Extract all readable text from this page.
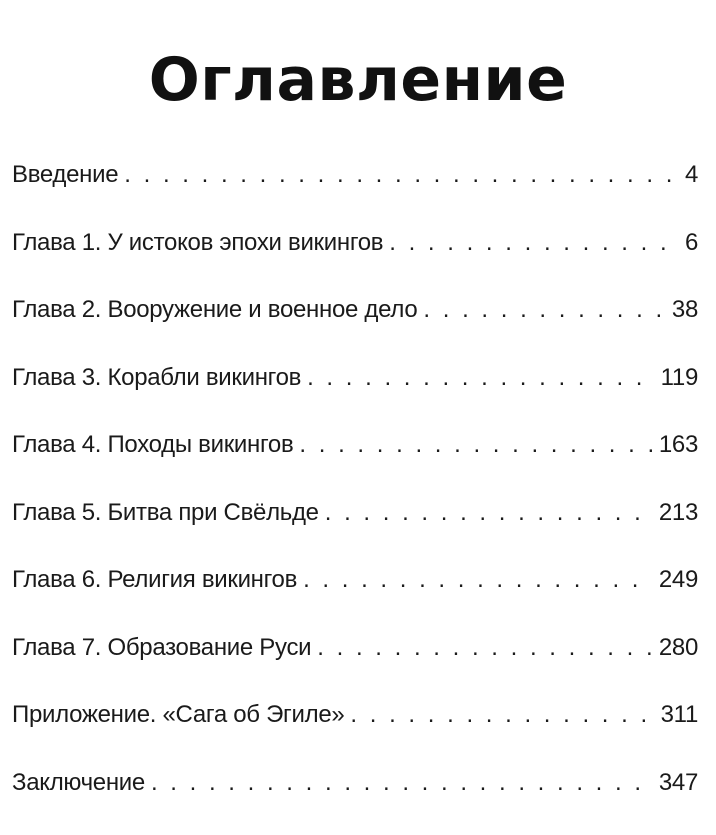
Оглавление
Введение . . .	4
Глава 1. У истоков эпохи викингов . . .	6
Глава 2. Вооружение и военное дело . . .	38
Глава 3. Корабли викингов . . .	119
Глава 4. Походы викингов . . .	163
Глава 5. Битва при Свёльде . . .	213
Глава 6. Религия викингов . . .	249
Глава 7. Образование Руси . . .	280
Приложение. «Сага об Эгиле» . . .	311
Заключение . . .	347
